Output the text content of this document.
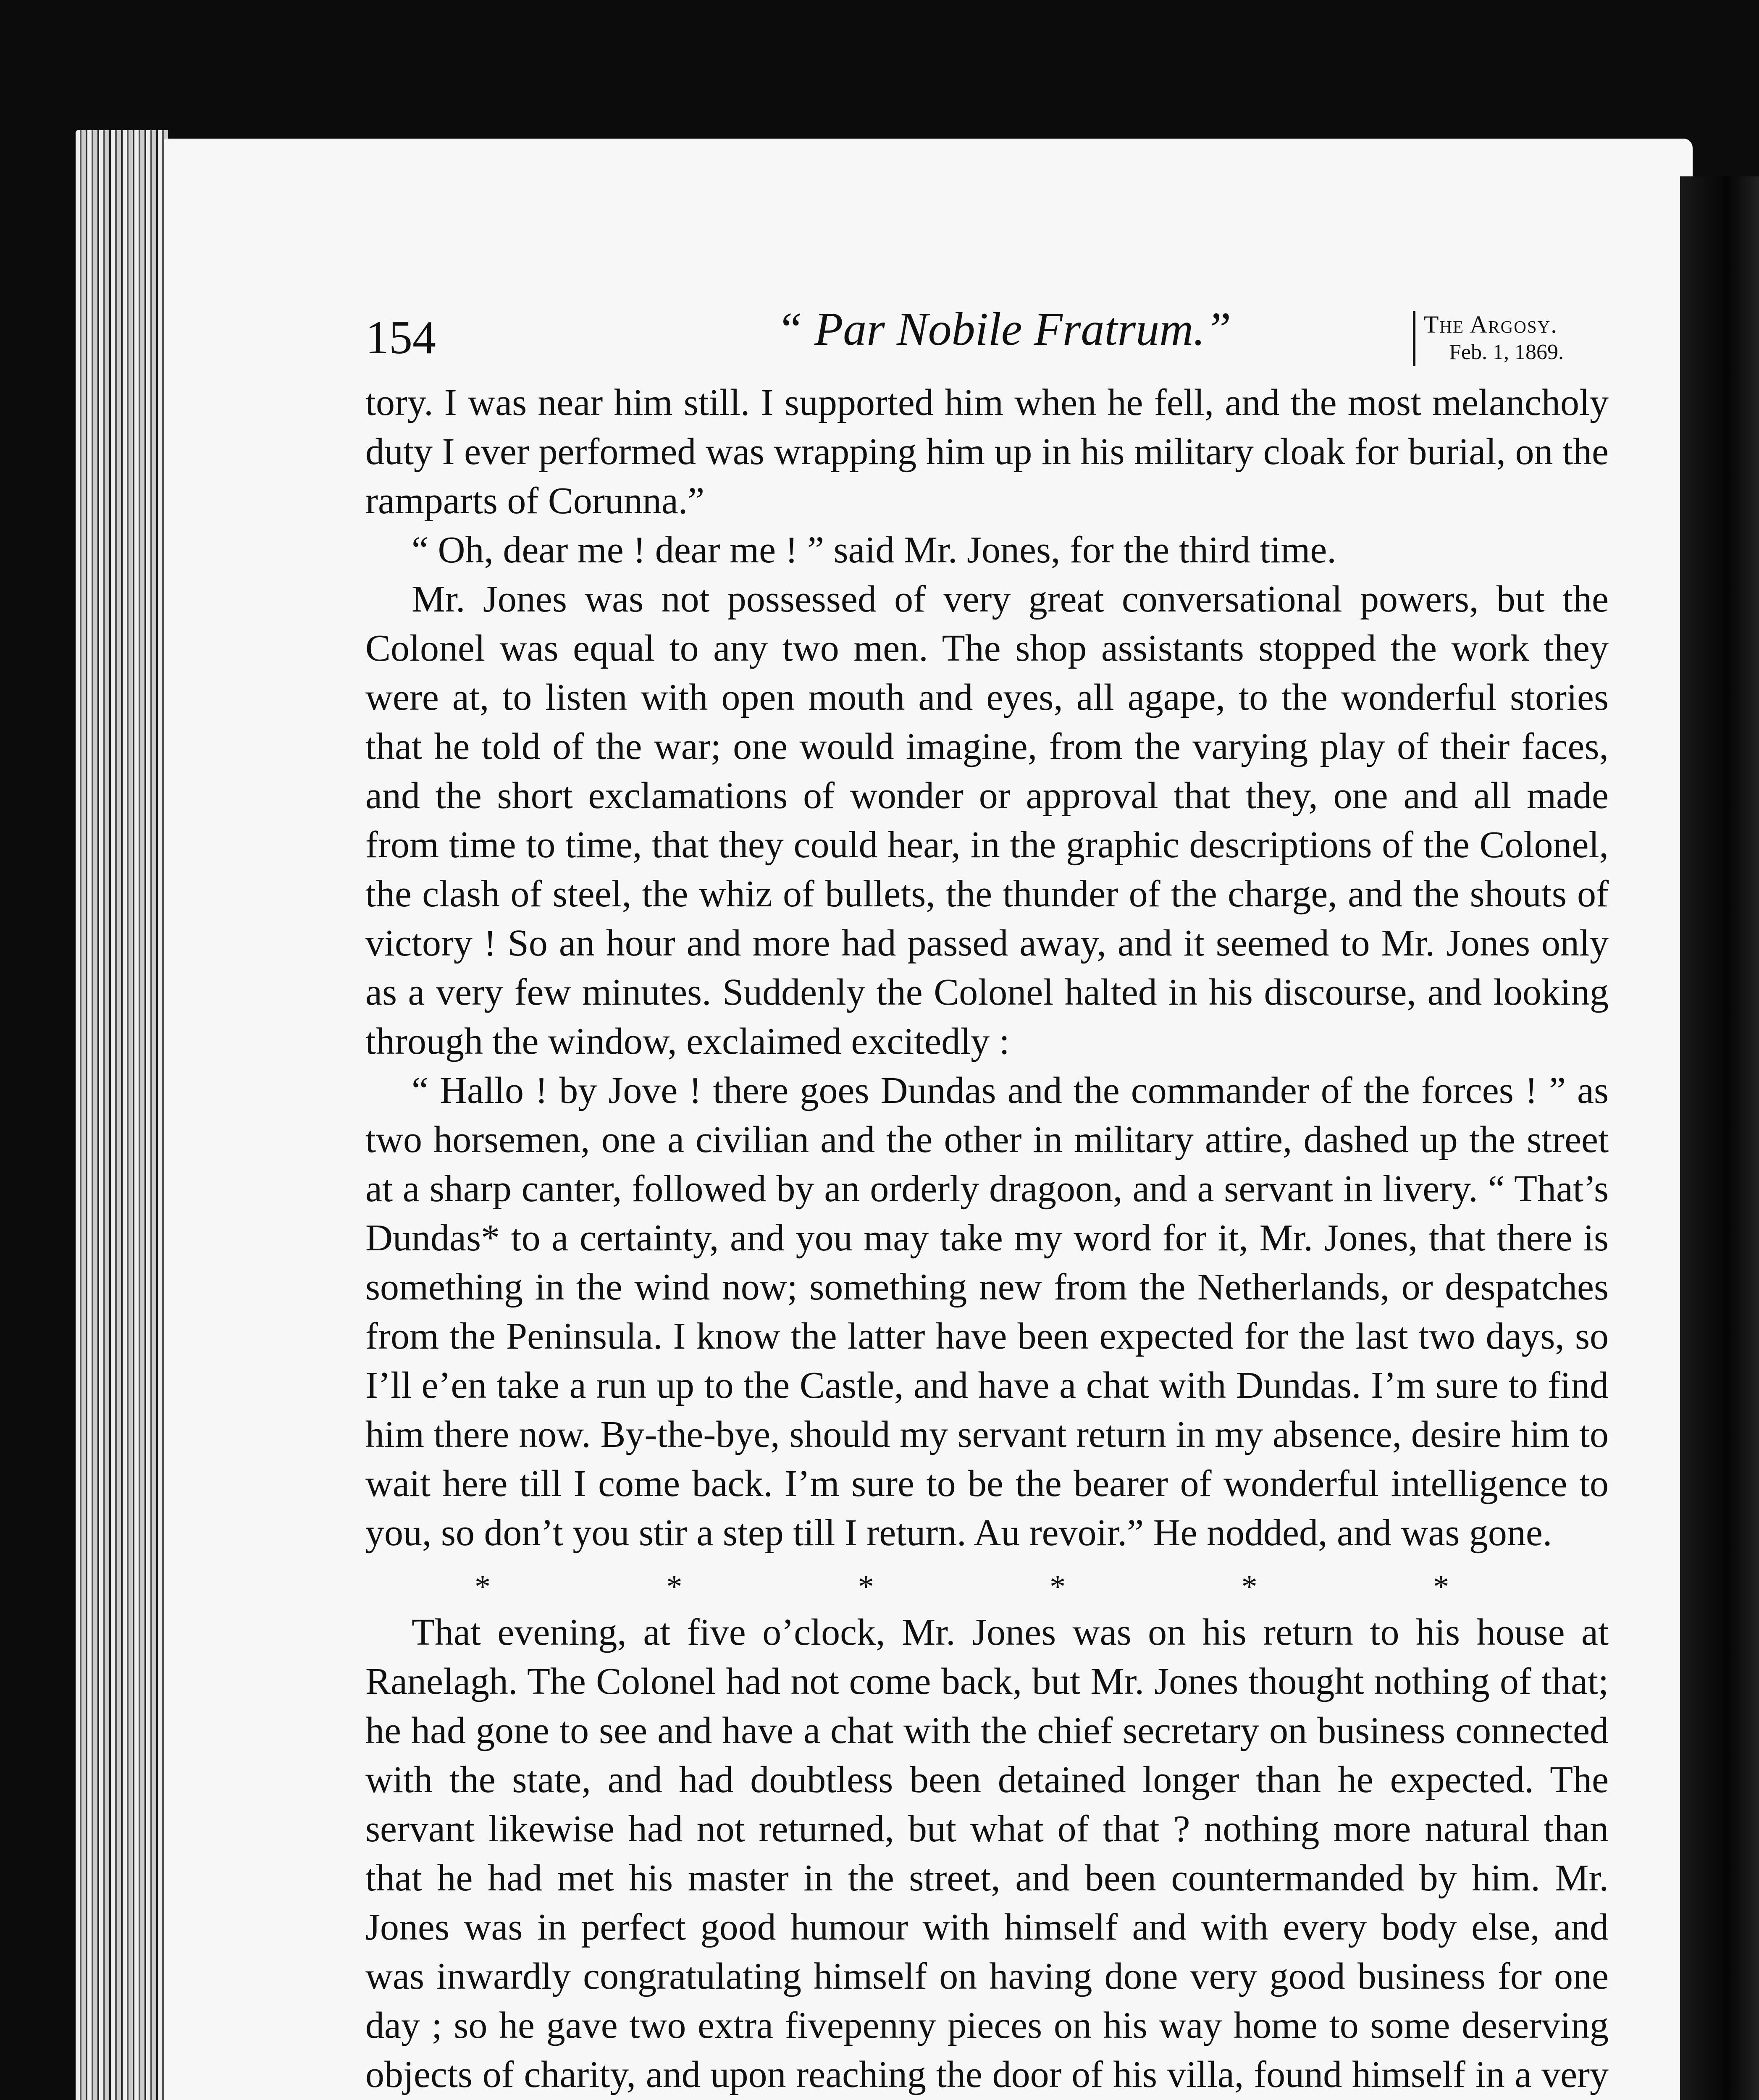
154	“ Par Nobile Fratrum.”	The Argosy.
Feb. 1, 1869.

tory. I was near him still. I supported him when he fell, and the most melancholy duty I ever performed was wrapping him up in his military cloak for burial, on the ramparts of Corunna.”

“ Oh, dear me ! dear me ! ” said Mr. Jones, for the third time.

Mr. Jones was not possessed of very great conversational powers, but the Colonel was equal to any two men. The shop assistants stopped the work they were at, to listen with open mouth and eyes, all agape, to the wonderful stories that he told of the war; one would imagine, from the varying play of their faces, and the short exclamations of wonder or approval that they, one and all made from time to time, that they could hear, in the graphic descriptions of the Colonel, the clash of steel, the whiz of bullets, the thunder of the charge, and the shouts of victory ! So an hour and more had passed away, and it seemed to Mr. Jones only as a very few minutes. Suddenly the Colonel halted in his discourse, and looking through the window, exclaimed excitedly :

“ Hallo ! by Jove ! there goes Dundas and the commander of the forces ! ” as two horsemen, one a civilian and the other in military attire, dashed up the street at a sharp canter, followed by an orderly dragoon, and a servant in livery. “ That’s Dundas* to a certainty, and you may take my word for it, Mr. Jones, that there is something in the wind now; something new from the Netherlands, or despatches from the Peninsula. I know the latter have been expected for the last two days, so I’ll e’en take a run up to the Castle, and have a chat with Dundas. I’m sure to find him there now. By-the-bye, should my servant return in my absence, desire him to wait here till I come back. I’m sure to be the bearer of wonderful intelligence to you, so don’t you stir a step till I return. Au revoir.” He nodded, and was gone.

*	*	*	*	*	*

That evening, at five o’clock, Mr. Jones was on his return to his house at Ranelagh. The Colonel had not come back, but Mr. Jones thought nothing of that; he had gone to see and have a chat with the chief secretary on business connected with the state, and had doubtless been detained longer than he expected. The servant likewise had not returned, but what of that ? nothing more natural than that he had met his master in the street, and been countermanded by him. Mr. Jones was in perfect good humour with himself and with every body else, and was inwardly congratulating himself on having done very good business for one day ; so he gave two extra fivepenny pieces on his way home to some deserving objects of charity, and upon reaching the door of his villa, found himself in a very
